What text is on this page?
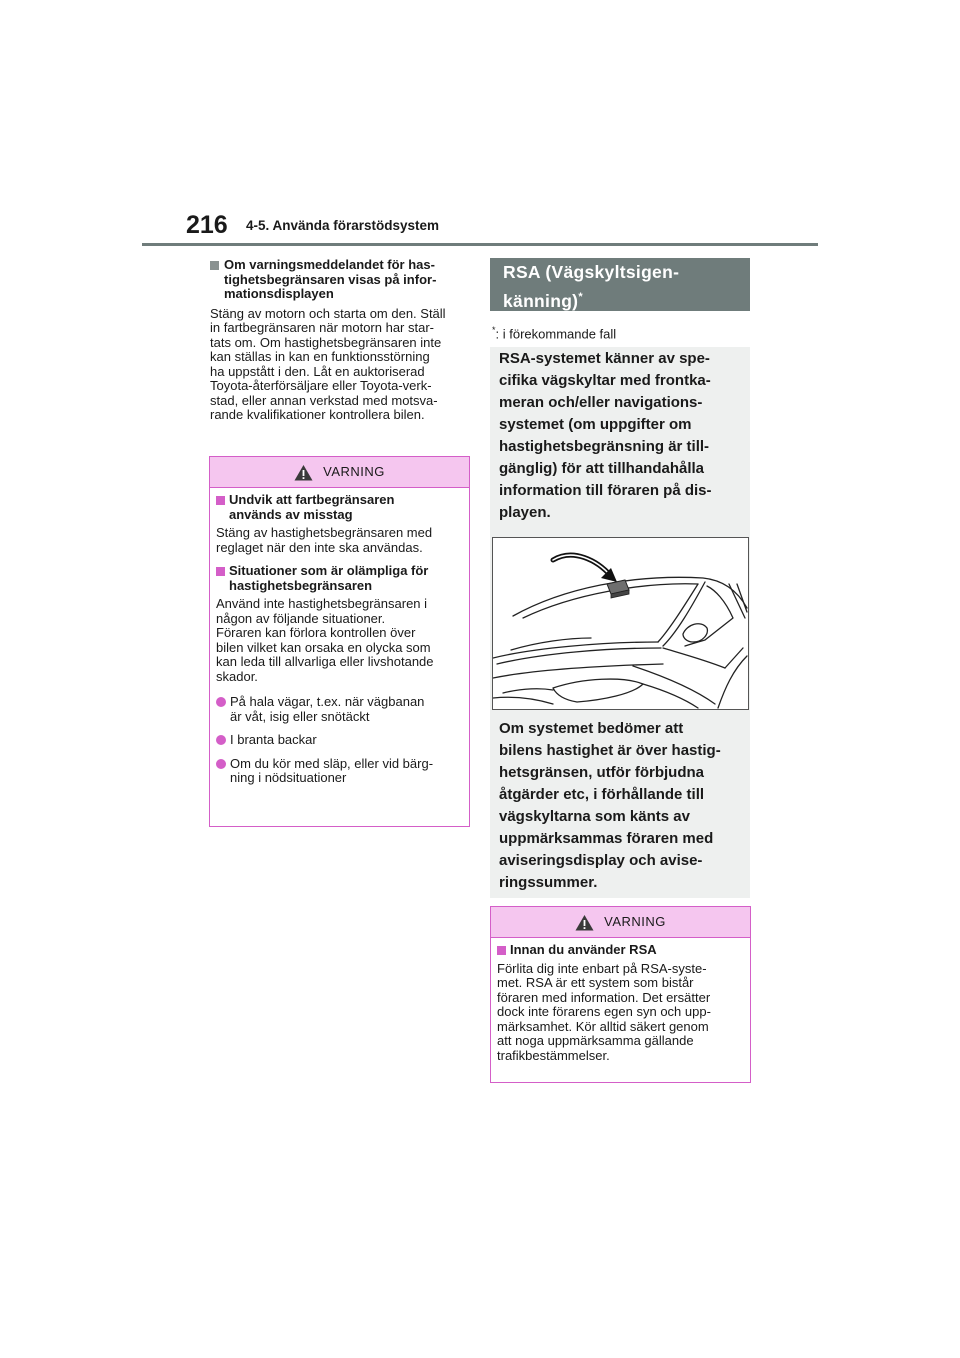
216 4-5. Använda förarstödsystem
Om varningsmeddelandet för has-
tighetsbegränsaren visas på infor-
mationsdisplayen
Stäng av motorn och starta om den. Ställ
in fartbegränsaren när motorn har star-
tats om. Om hastighetsbegränsaren inte
kan ställas in kan en funktionsstörning
ha uppstått i den. Låt en auktoriserad
Toyota-återförsäljare eller Toyota-verk-
stad, eller annan verkstad med motsva-
rande kvalifikationer kontrollera bilen.
VARNING
Undvik att fartbegränsaren
används av misstag
Stäng av hastighetsbegränsaren med
reglaget när den inte ska användas.
Situationer som är olämpliga för
hastighetsbegränsaren
Använd inte hastighetsbegränsaren i
någon av följande situationer.
Föraren kan förlora kontrollen över
bilen vilket kan orsaka en olycka som
kan leda till allvarliga eller livshotande
skador.
På hala vägar, t.ex. när vägbanan
är våt, isig eller snötäckt
I branta backar
Om du kör med släp, eller vid bärg-
ning i nödsituationer
RSA (Vägskyltsigen-
känning)*
*: i förekommande fall
RSA-systemet känner av spe-
cifika vägskyltar med frontka-
meran och/eller navigations-
systemet (om uppgifter om
hastighetsbegränsning är till-
gänglig) för att tillhandahålla
information till föraren på dis-
playen.
Om systemet bedömer att
bilens hastighet är över hastig-
hetsgränsen, utför förbjudna
åtgärder etc, i förhållande till
vägskyltarna som känts av
uppmärksammas föraren med
aviseringsdisplay och avise-
ringssummer.
VARNING
Innan du använder RSA
Förlita dig inte enbart på RSA-syste-
met. RSA är ett system som bistår
föraren med information. Det ersätter
dock inte förarens egen syn och upp-
märksamhet. Kör alltid säkert genom
att noga uppmärksamma gällande
trafikbestämmelser.
